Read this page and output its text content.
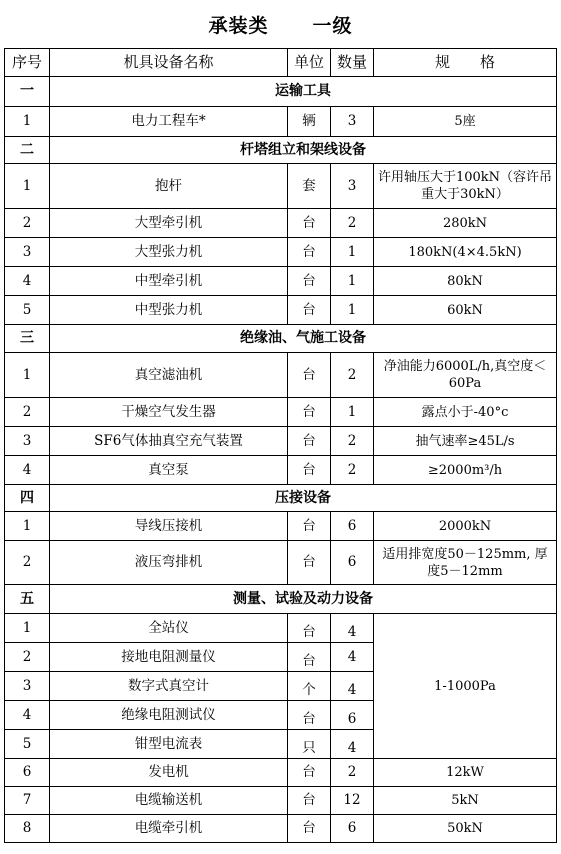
承装类 一级
序号	机具设备名称	单位	数量	规　　格
一	运输工具			
1	电力工程车*	辆	3	5座
二	杆塔组立和架线设备			
1	抱杆	套	3	许用轴压大于100kN（容许吊重大于30kN）
2	大型牵引机	台	2	280kN
3	大型张力机	台	1	180kN(4×4.5kN)
4	中型牵引机	台	1	80kN
5	中型张力机	台	1	60kN
三	绝缘油、气施工设备			
1	真空滤油机	台	2	净油能力6000L/h,真空度＜60Pa
2	干燥空气发生器	台	1	露点小于-40°c
3	SF6气体抽真空充气装置	台	2	抽气速率≥45L/s
4	真空泵	台	2	≥2000m³/h
四	压接设备			
1	导线压接机	台	6	2000kN
2	液压弯排机	台	6	适用排宽度50－125mm, 厚度5－12mm
五	测量、试验及动力设备			
1	全站仪	台	4	1-1000Pa
2	接地电阻测量仪	台	4	
3	数字式真空计	个	4	
4	绝缘电阻测试仪	台	6	
5	钳型电流表	只	4	
6	发电机	台	2	12kW
7	电缆输送机	台	12	5kN
8	电缆牵引机	台	6	50kN
